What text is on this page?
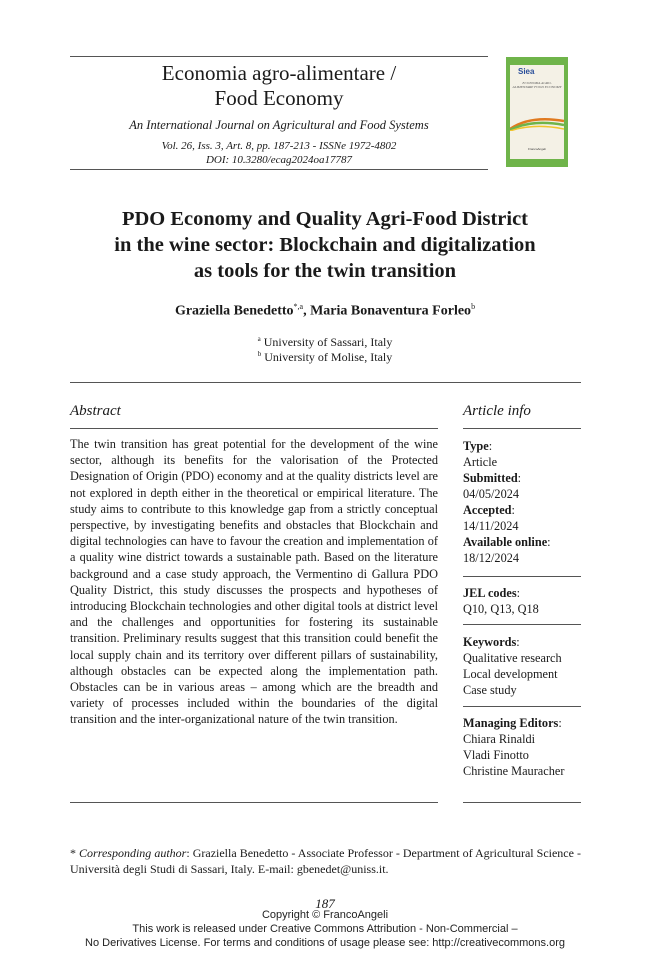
Economia agro-alimentare /
Food Economy
An International Journal on Agricultural and Food Systems
Vol. 26, Iss. 3, Art. 8, pp. 187-213 - ISSNe 1972-4802
DOI: 10.3280/ecag2024oa17787
Siea
ECONOMIA AGRO-ALIMENTARE FOOD ECONOMY
FrancoAngeli
PDO Economy and Quality Agri-Food District
in the wine sector: Blockchain and digitalization
as tools for the twin transition
Graziella Benedetto$^{*,a}$, Maria Bonaventura Forleo$^b$
$^a$ University of Sassari, Italy
$^b$ University of Molise, Italy
Abstract
The twin transition has great potential for the development of the wine sector, although its benefits for the valorisation of the Protected Designation of Origin (PDO) economy and at the quality districts level are not explored in depth either in the theoretical or empirical literature. The study aims to contribute to this knowledge gap from a strictly conceptual perspective, by investigating benefits and obstacles that Blockchain and digital technologies can have to favour the creation and implementation of a quality wine district towards a sustainable path. Based on the literature background and a case study approach, the Vermentino di Gallura PDO Quality District, this study discusses the prospects and hypotheses of introducing Blockchain technologies and other digital tools at district level and the challenges and opportunities for fostering its sustainable transition. Preliminary results suggest that this transition could benefit the local supply chain and its territory over different pillars of sustainability, although obstacles can be expected along the implementation path. Obstacles can be in various areas – among which are the breadth and variety of processes included within the boundaries of the digital transition and the inter-organizational nature of the twin transition.
Article info
Type:
Article
Submitted:
04/05/2024
Accepted:
14/11/2024
Available online:
18/12/2024
JEL codes:
Q10, Q13, Q18
Keywords:
Qualitative research
Local development
Case study
Managing Editors:
Chiara Rinaldi
Vladi Finotto
Christine Mauracher
* Corresponding author: Graziella Benedetto - Associate Professor - Department of Agricultural Science - Università degli Studi di Sassari, Italy. E-mail: gbenedet@uniss.it.
187
Copyright © FrancoAngeli
This work is released under Creative Commons Attribution - Non-Commercial –
No Derivatives License. For terms and conditions of usage please see: http://creativecommons.org
